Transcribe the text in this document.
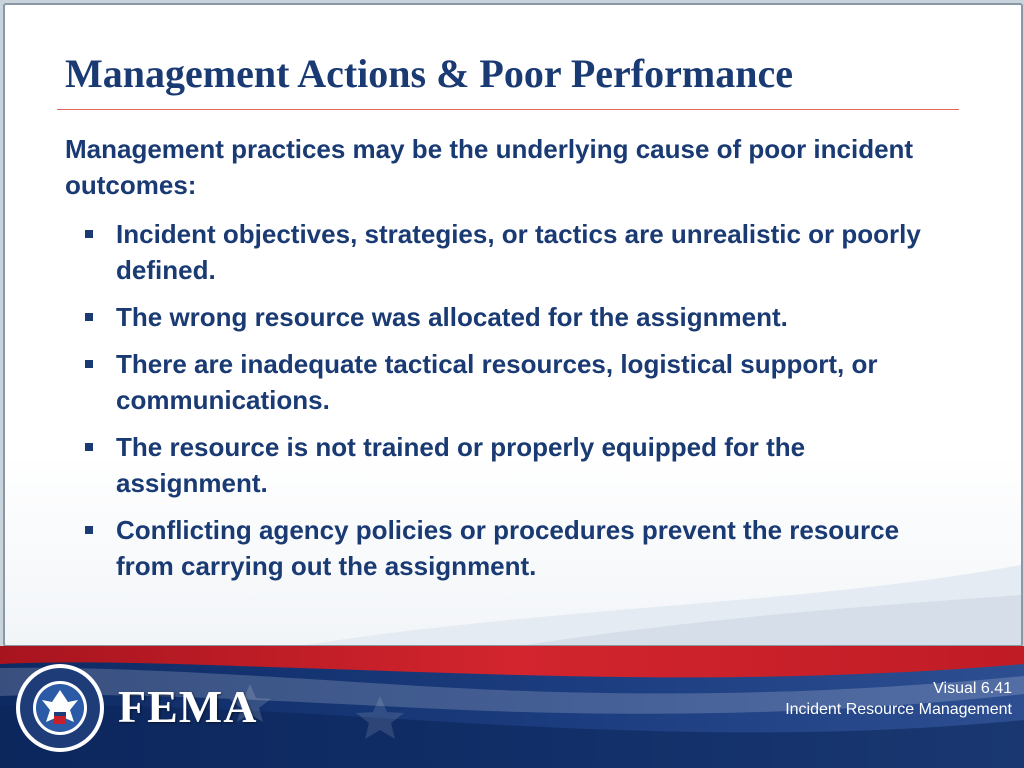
Management Actions & Poor Performance

Management practices may be the underlying cause of poor incident outcomes:

Incident objectives, strategies, or tactics are unrealistic or poorly defined.
The wrong resource was allocated for the assignment.
There are inadequate tactical resources, logistical support, or communications.
The resource is not trained or properly equipped for the assignment.
Conflicting agency policies or procedures prevent the resource from carrying out the assignment.
FEMA	Visual 6.41
Incident Resource Management
